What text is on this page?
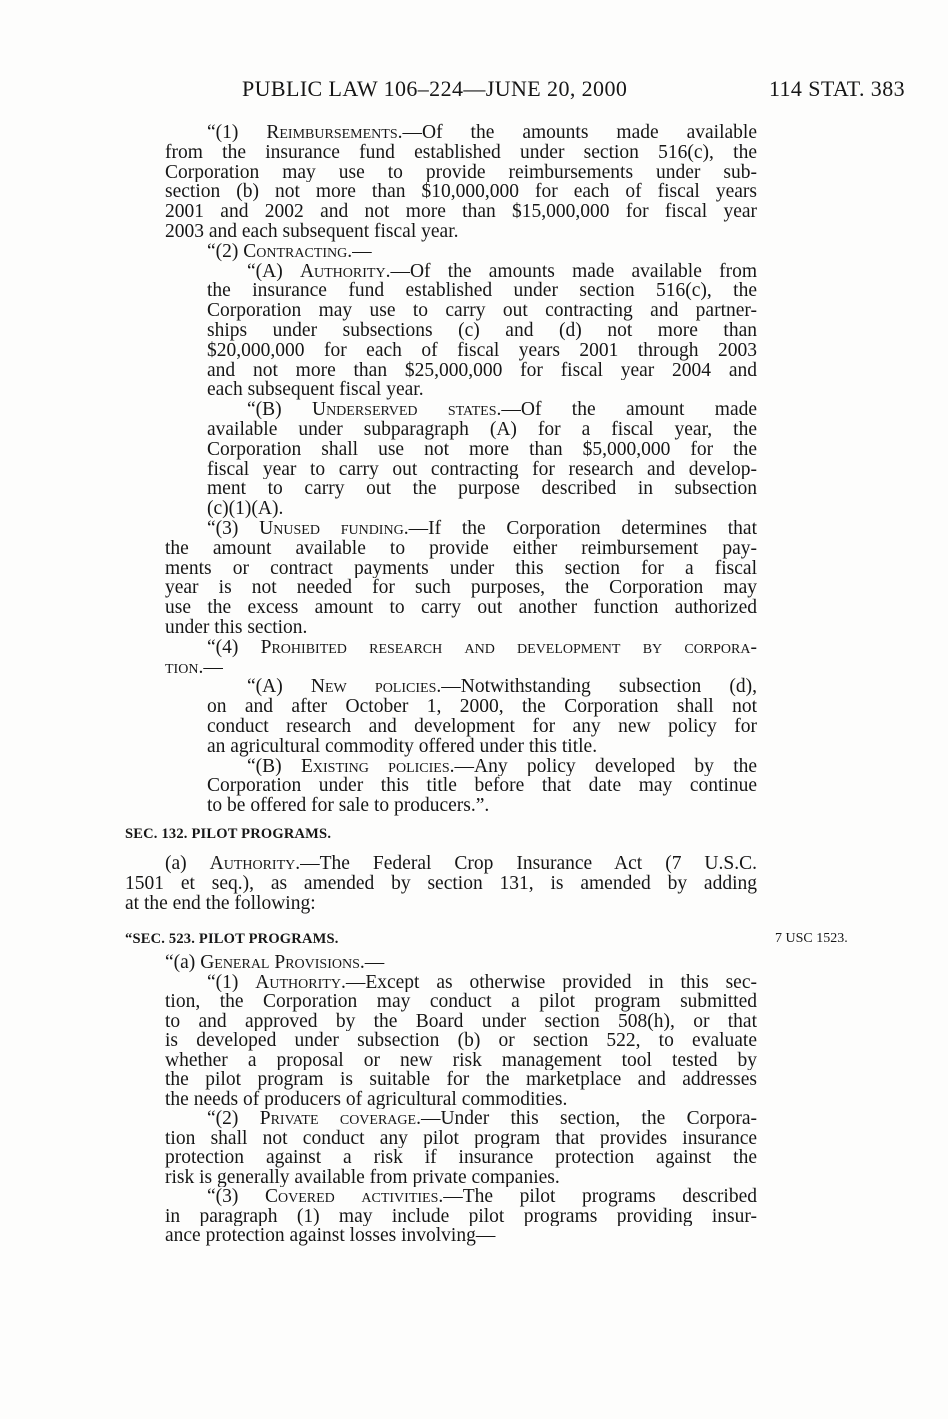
PUBLIC LAW 106–224—JUNE 20, 2000	114 STAT. 383
“(1) Reimbursements.—Of the amounts made available
from the insurance fund established under section 516(c), the
Corporation may use to provide reimbursements under sub-
section (b) not more than $10,000,000 for each of fiscal years
2001 and 2002 and not more than $15,000,000 for fiscal year
2003 and each subsequent fiscal year.
“(2) Contracting.—
“(A) Authority.—Of the amounts made available from
the insurance fund established under section 516(c), the
Corporation may use to carry out contracting and partner-
ships under subsections (c) and (d) not more than
$20,000,000 for each of fiscal years 2001 through 2003
and not more than $25,000,000 for fiscal year 2004 and
each subsequent fiscal year.
“(B) Underserved states.—Of the amount made
available under subparagraph (A) for a fiscal year, the
Corporation shall use not more than $5,000,000 for the
fiscal year to carry out contracting for research and develop-
ment to carry out the purpose described in subsection
(c)(1)(A).
“(3) Unused funding.—If the Corporation determines that
the amount available to provide either reimbursement pay-
ments or contract payments under this section for a fiscal
year is not needed for such purposes, the Corporation may
use the excess amount to carry out another function authorized
under this section.
“(4) Prohibited research and development by corpora-
tion.—
“(A) New policies.—Notwithstanding subsection (d),
on and after October 1, 2000, the Corporation shall not
conduct research and development for any new policy for
an agricultural commodity offered under this title.
“(B) Existing policies.—Any policy developed by the
Corporation under this title before that date may continue
to be offered for sale to producers.”.
SEC. 132. PILOT PROGRAMS.
(a) Authority.—The Federal Crop Insurance Act (7 U.S.C.
1501 et seq.), as amended by section 131, is amended by adding
at the end the following:
“SEC. 523. PILOT PROGRAMS.	7 USC 1523.
“(a) General Provisions.—
“(1) Authority.—Except as otherwise provided in this sec-
tion, the Corporation may conduct a pilot program submitted
to and approved by the Board under section 508(h), or that
is developed under subsection (b) or section 522, to evaluate
whether a proposal or new risk management tool tested by
the pilot program is suitable for the marketplace and addresses
the needs of producers of agricultural commodities.
“(2) Private coverage.—Under this section, the Corpora-
tion shall not conduct any pilot program that provides insurance
protection against a risk if insurance protection against the
risk is generally available from private companies.
“(3) Covered activities.—The pilot programs described
in paragraph (1) may include pilot programs providing insur-
ance protection against losses involving—
